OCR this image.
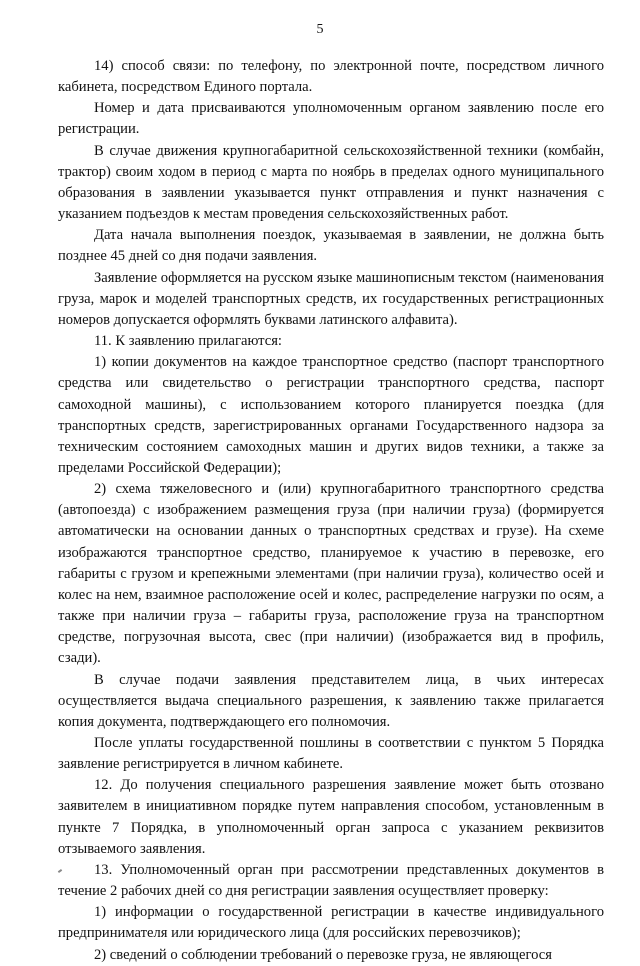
5

14) способ связи: по телефону, по электронной почте, посредством личного кабинета, посредством Единого портала.

Номер и дата присваиваются уполномоченным органом заявлению после его регистрации.

В случае движения крупногабаритной сельскохозяйственной техники (комбайн, трактор) своим ходом в период с марта по ноябрь в пределах одного муниципального образования в заявлении указывается пункт отправления и пункт назначения с указанием подъездов к местам проведения сельскохозяйственных работ.

Дата начала выполнения поездок, указываемая в заявлении, не должна быть позднее 45 дней со дня подачи заявления.

Заявление оформляется на русском языке машинописным текстом (наименования груза, марок и моделей транспортных средств, их государственных регистрационных номеров допускается оформлять буквами латинского алфавита).

11. К заявлению прилагаются:

1) копии документов на каждое транспортное средство (паспорт транспортного средства или свидетельство о регистрации транспортного средства, паспорт самоходной машины), с использованием которого планируется поездка (для транспортных средств, зарегистрированных органами Государственного надзора за техническим состоянием самоходных машин и других видов техники, а также за пределами Российской Федерации);

2) схема тяжеловесного и (или) крупногабаритного транспортного средства (автопоезда) с изображением размещения груза (при наличии груза) (формируется автоматически на основании данных о транспортных средствах и грузе). На схеме изображаются транспортное средство, планируемое к участию в перевозке, его габариты с грузом и крепежными элементами (при наличии груза), количество осей и колес на нем, взаимное расположение осей и колес, распределение нагрузки по осям, а также при наличии груза – габариты груза, расположение груза на транспортном средстве, погрузочная высота, свес (при наличии) (изображается вид в профиль, сзади).

В случае подачи заявления представителем лица, в чьих интересах осуществляется выдача специального разрешения, к заявлению также прилагается копия документа, подтверждающего его полномочия.

После уплаты государственной пошлины в соответствии с пунктом 5 Порядка заявление регистрируется в личном кабинете.

12. До получения специального разрешения заявление может быть отозвано заявителем в инициативном порядке путем направления способом, установленным в пункте 7 Порядка, в уполномоченный орган запроса с указанием реквизитов отзываемого заявления.

13. Уполномоченный орган при рассмотрении представленных документов в течение 2 рабочих дней со дня регистрации заявления осуществляет проверку:

1) информации о государственной регистрации в качестве индивидуального предпринимателя или юридического лица (для российских перевозчиков);

2) сведений о соблюдении требований о перевозке груза, не являющегося
